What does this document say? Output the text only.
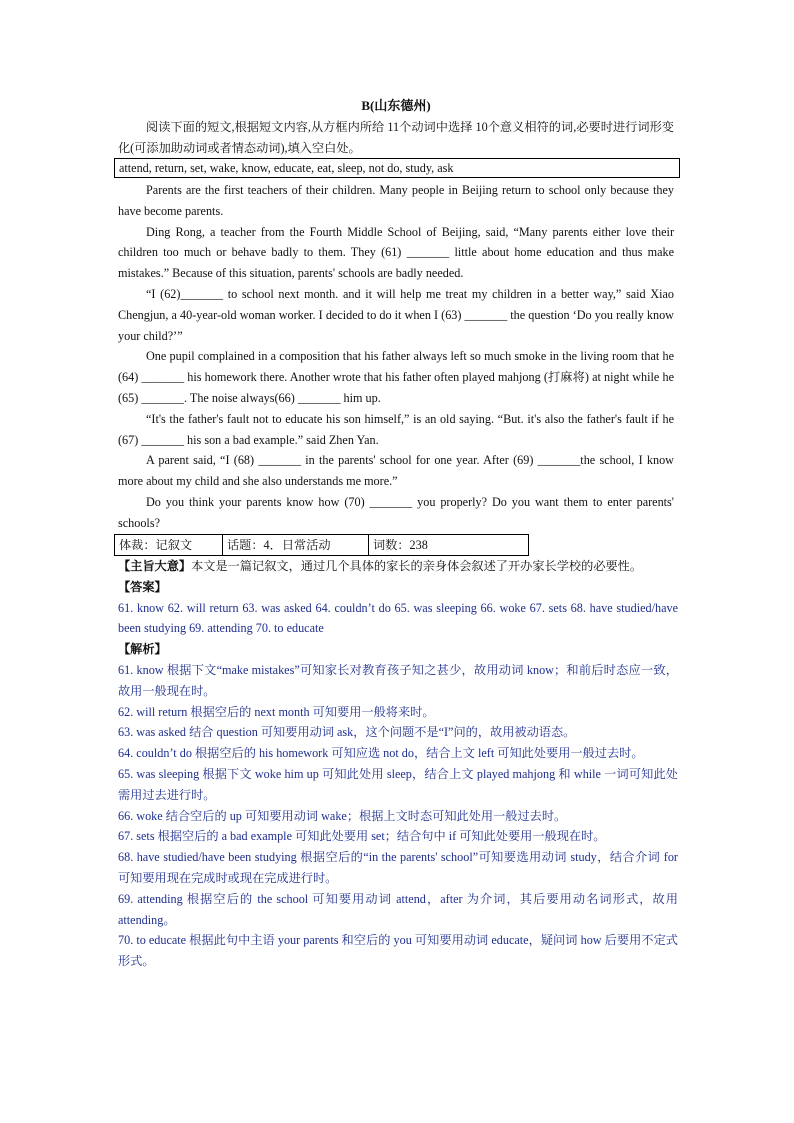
B(山东德州)

阅读下面的短文,根据短文内容,从方框内所给 11个动词中选择 10个意义相符的词,必要时进行词形变化(可添加助动词或者情态动词),填入空白处。

attend, return, set, wake, know, educate, eat, sleep, not do, study, ask

Parents are the first teachers of their children. Many people in Beijing return to school only because they have become parents.

Ding Rong, a teacher from the Fourth Middle School of Beijing, said, “Many parents either love their children too much or behave badly to them. They (61) _______ little about home education and thus make mistakes.” Because of this situation, parents' schools are badly needed.

“I (62)_______ to school next month. and it will help me treat my children in a better way,” said Xiao Chengjun, a 40-year-old woman worker. I decided to do it when I (63) _______ the question ‘Do you really know your child?’”

One pupil complained in a composition that his father always left so much smoke in the living room that he (64) _______ his homework there. Another wrote that his father often played mahjong (打麻将) at night while he (65) _______. The noise always(66) _______ him up.

“It's the father's fault not to educate his son himself,” is an old saying. “But. it's also the father's fault if he (67) _______ his son a bad example.” said Zhen Yan.

A parent said, “I (68) _______ in the parents' school for one year. After (69) _______the school, I know more about my child and she also understands me more.”

Do you think your parents know how (70) _______ you properly? Do you want them to enter parents' schools?

体裁：记叙文	话题：4．日常活动	词数：238

【主旨大意】本文是一篇记叙文，通过几个具体的家长的亲身体会叙述了开办家长学校的必要性。

【答案】

61. know 62. will return 63. was asked 64. couldn’t do 65. was sleeping 66. woke 67. sets 68. have studied/have been studying 69. attending 70. to educate

【解析】

61. know 根据下文“make mistakes”可知家长对教育孩子知之甚少，故用动词 know；和前后时态应一致，故用一般现在时。

62. will return 根据空后的 next month 可知要用一般将来时。

63. was asked 结合 question 可知要用动词 ask，这个问题不是“I”问的，故用被动语态。

64. couldn’t do 根据空后的 his homework 可知应选 not do，结合上文 left 可知此处要用一般过去时。

65. was sleeping 根据下文 woke him up 可知此处用 sleep，结合上文 played mahjong 和 while 一词可知此处需用过去进行时。

66. woke 结合空后的 up 可知要用动词 wake；根据上文时态可知此处用一般过去时。

67. sets 根据空后的 a bad example 可知此处要用 set；结合句中 if 可知此处要用一般现在时。

68. have studied/have been studying 根据空后的“in the parents' school”可知要选用动词 study，结合介词 for 可知要用现在完成时或现在完成进行时。

69. attending 根据空后的 the school 可知要用动词 attend，after 为介词，其后要用动名词形式，故用 attending。

70. to educate 根据此句中主语 your parents 和空后的 you 可知要用动词 educate，疑问词 how 后要用不定式形式。
